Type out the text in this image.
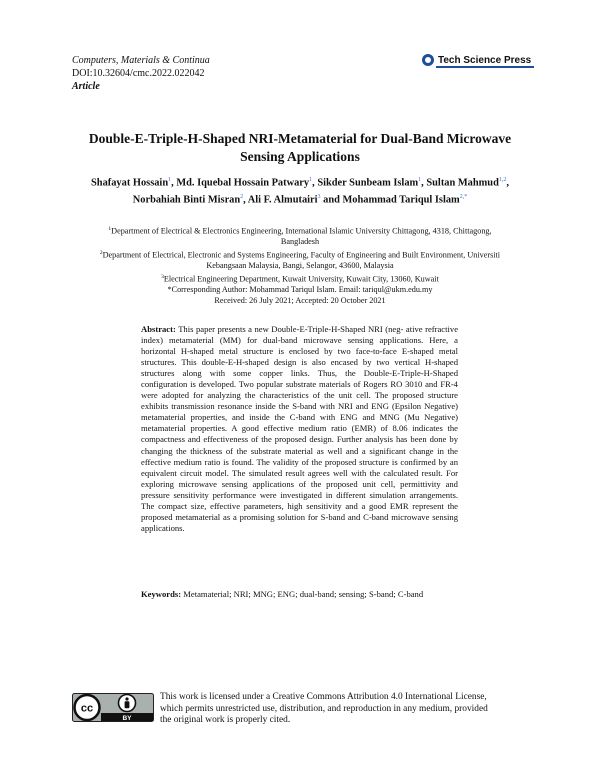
Computers, Materials & Continua
DOI:10.32604/cmc.2022.022042
Article
Tech Science Press
Double-E-Triple-H-Shaped NRI-Metamaterial for Dual-Band Microwave
Sensing Applications
Shafayat Hossain$^1$, Md. Iquebal Hossain Patwary$^1$, Sikder Sunbeam Islam$^1$, Sultan Mahmud$^{1,2}$,
Norbahiah Binti Misran$^2$, Ali F. Almutairi$^3$ and Mohammad Tariqul Islam$^{2,*}$
$^1$Department of Electrical & Electronics Engineering, International Islamic University Chittagong, 4318, Chittagong,
Bangladesh
$^2$Department of Electrical, Electronic and Systems Engineering, Faculty of Engineering and Built Environment, Universiti
Kebangsaan Malaysia, Bangi, Selangor, 43600, Malaysia
$^3$Electrical Engineering Department, Kuwait University, Kuwait City, 13060, Kuwait
*Corresponding Author: Mohammad Tariqul Islam. Email: tariqul@ukm.edu.my
Received: 26 July 2021; Accepted: 20 October 2021
Abstract: This paper presents a new Double-E-Triple-H-Shaped NRI (neg- ative refractive index) metamaterial (MM) for dual-band microwave sensing applications. Here, a horizontal H-shaped metal structure is enclosed by two face-to-face E-shaped metal structures. This double-E-H-shaped design is also encased by two vertical H-shaped structures along with some copper links. Thus, the Double-E-Triple-H-Shaped configuration is developed. Two popular substrate materials of Rogers RO 3010 and FR-4 were adopted for analyzing the characteristics of the unit cell. The proposed structure exhibits transmission resonance inside the S-band with NRI and ENG (Epsilon Negative) metamaterial properties, and inside the C-band with ENG and MNG (Mu Negative) metamaterial properties. A good effective medium ratio (EMR) of 8.06 indicates the compactness and effectiveness of the proposed design. Further analysis has been done by changing the thickness of the substrate material as well and a significant change in the effective medium ratio is found. The validity of the proposed structure is confirmed by an equivalent circuit model. The simulated result agrees well with the calculated result. For exploring microwave sensing applications of the proposed unit cell, permittivity and pressure sensitivity performance were investigated in different simulation arrangements. The compact size, effective parameters, high sensitivity and a good EMR represent the proposed metamaterial as a promising solution for S-band and C-band microwave sensing applications.
Keywords: Metamaterial; NRI; MNG; ENG; dual-band; sensing; S-band; C-band
cc
BY
This work is licensed under a Creative Commons Attribution 4.0 International License,
which permits unrestricted use, distribution, and reproduction in any medium, provided
the original work is properly cited.
